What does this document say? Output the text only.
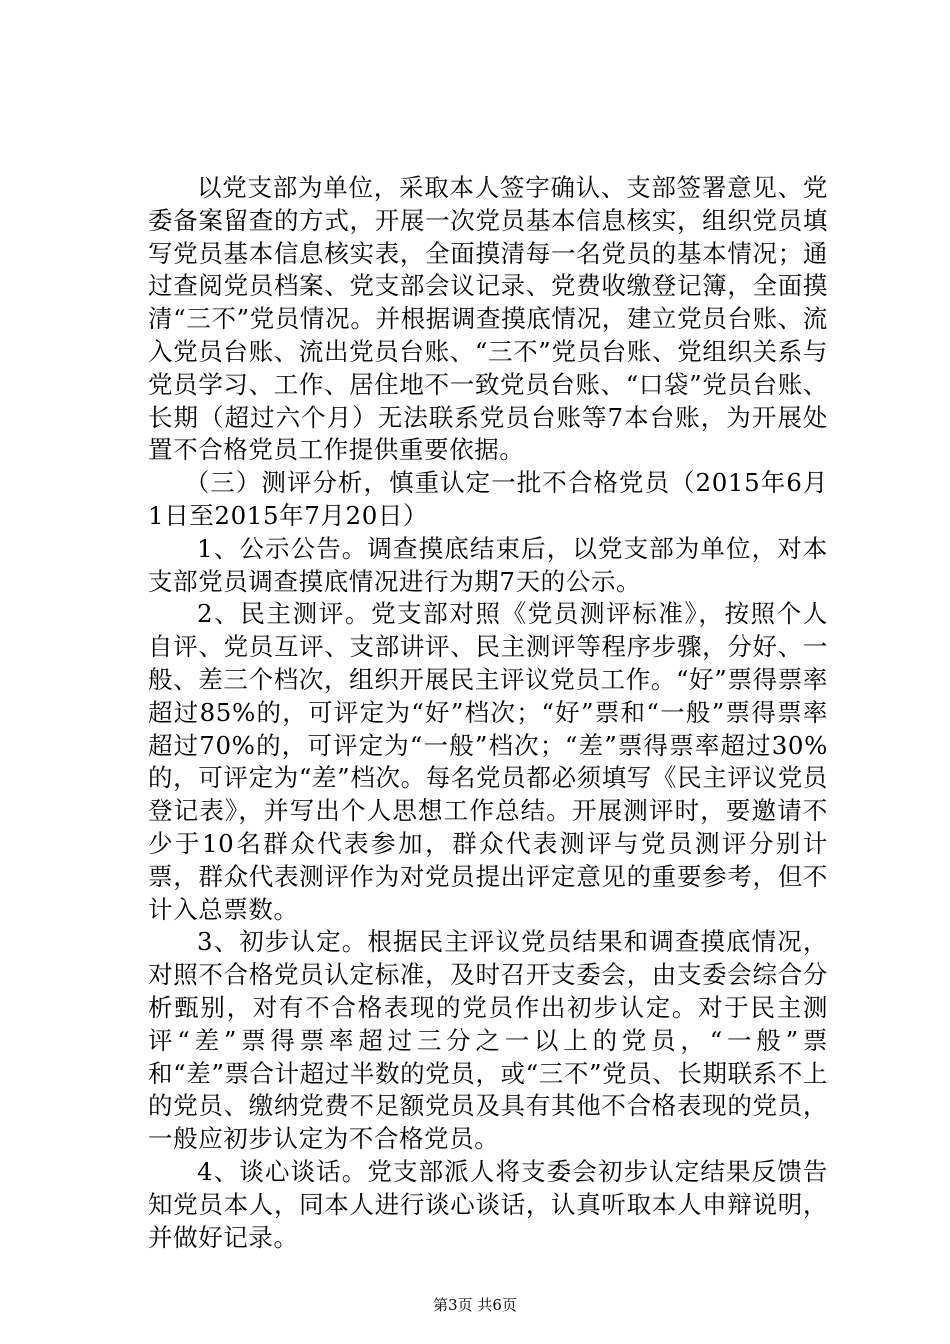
以党支部为单位，采取本人签字确认、支部签署意见、党委备案留查的方式，开展一次党员基本信息核实，组织党员填写党员基本信息核实表，全面摸清每一名党员的基本情况；通过查阅党员档案、党支部会议记录、党费收缴登记簿，全面摸清“三不”党员情况。并根据调查摸底情况，建立党员台账、流入党员台账、流出党员台账、“三不”党员台账、党组织关系与党员学习、工作、居住地不一致党员台账、“口袋”党员台账、长期（超过六个月）无法联系党员台账等7本台账，为开展处置不合格党员工作提供重要依据。

（三）测评分析，慎重认定一批不合格党员（2015年6月1日至2015年7月20日）

1、公示公告。调查摸底结束后，以党支部为单位，对本支部党员调查摸底情况进行为期7天的公示。

2、民主测评。党支部对照《党员测评标准》，按照个人自评、党员互评、支部讲评、民主测评等程序步骤，分好、一般、差三个档次，组织开展民主评议党员工作。“好”票得票率超过85%的，可评定为“好”档次；“好”票和“一般”票得票率超过70%的，可评定为“一般”档次；“差”票得票率超过30%的，可评定为“差”档次。每名党员都必须填写《民主评议党员登记表》，并写出个人思想工作总结。开展测评时，要邀请不少于10名群众代表参加，群众代表测评与党员测评分别计票，群众代表测评作为对党员提出评定意见的重要参考，但不计入总票数。

3、初步认定。根据民主评议党员结果和调查摸底情况，对照不合格党员认定标准，及时召开支委会，由支委会综合分析甄别，对有不合格表现的党员作出初步认定。对于民主测评“差”票得票率超过三分之一以上的党员，“一般”票和“差”票合计超过半数的党员，或“三不”党员、长期联系不上的党员、缴纳党费不足额党员及具有其他不合格表现的党员，一般应初步认定为不合格党员。

4、谈心谈话。党支部派人将支委会初步认定结果反馈告知党员本人，同本人进行谈心谈话，认真听取本人申辩说明，并做好记录。

第3页 共6页
